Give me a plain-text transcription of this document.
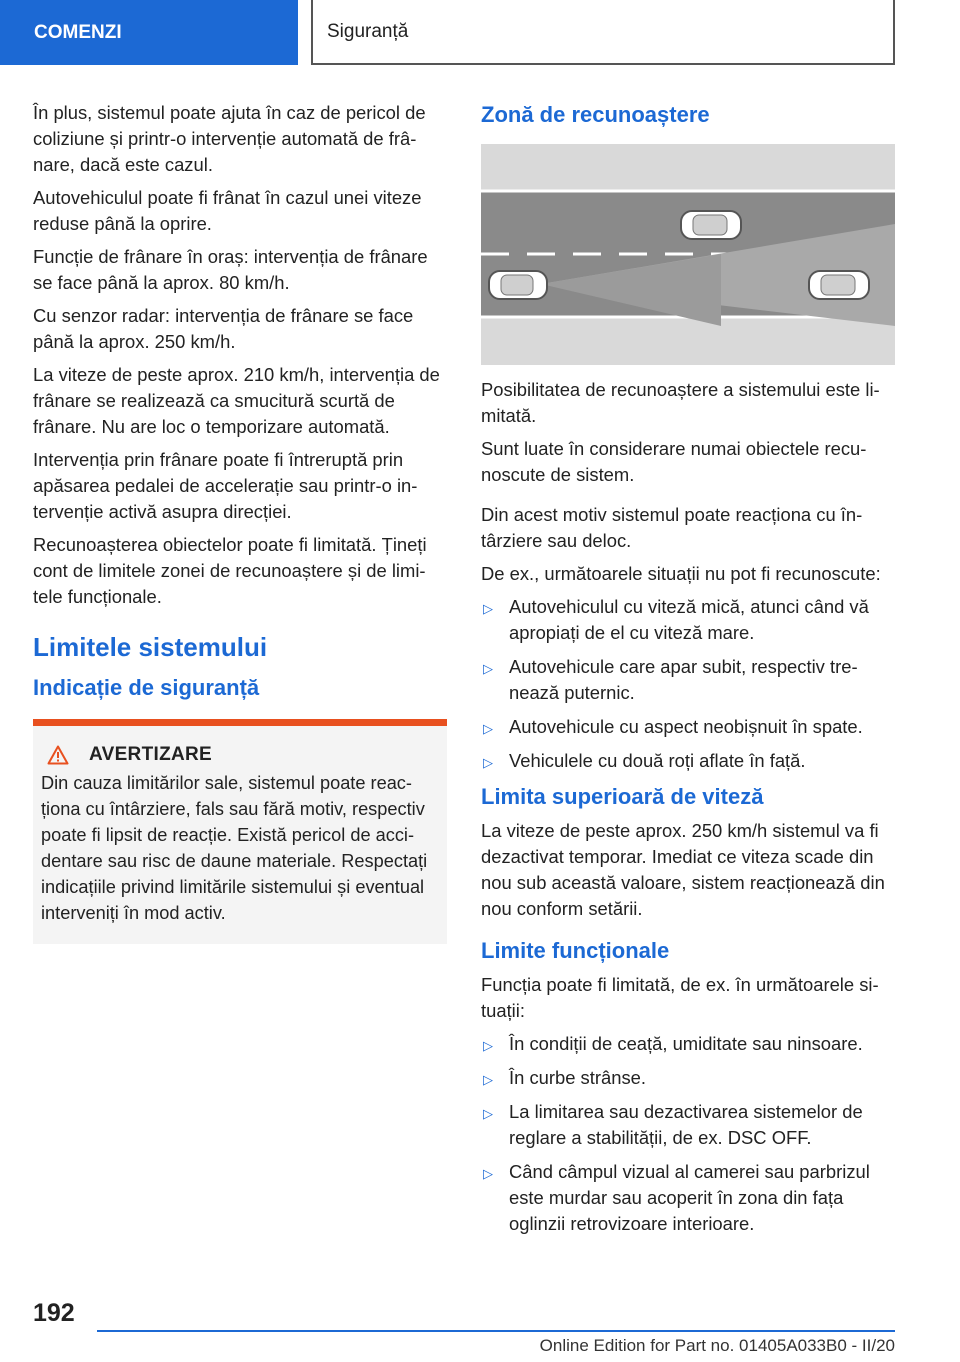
COMENZI	Siguranță

În plus, sistemul poate ajuta în caz de pericol de coliziune și printr-o intervenție automată de frâ-nare, dacă este cazul.

Autovehiculul poate fi frânat în cazul unei viteze reduse până la oprire.

Funcție de frânare în oraș: intervenția de frânare se face până la aprox. 80 km/h.

Cu senzor radar: intervenția de frânare se face până la aprox. 250 km/h.

La viteze de peste aprox. 210 km/h, intervenția de frânare se realizează ca smucitură scurtă de frânare. Nu are loc o temporizare automată.

Intervenția prin frânare poate fi întreruptă prin apăsarea pedalei de accelerație sau printr-o in-tervenție activă asupra direcției.

Recunoașterea obiectelor poate fi limitată. Țineți cont de limitele zonei de recunoaștere și de limi-tele funcționale.

Limitele sistemului
Indicație de siguranță
AVERTIZARE

Din cauza limitărilor sale, sistemul poate reac-ționa cu întârziere, fals sau fără motiv, respectiv poate fi lipsit de reacție. Există pericol de acci-dentare sau risc de daune materiale. Respectați indicațiile privind limitările sistemului și eventual interveniți în mod activ.

Zonă de recunoaștere

Posibilitatea de recunoaștere a sistemului este li-mitată.

Sunt luate în considerare numai obiectele recu-noscute de sistem.

Din acest motiv sistemul poate reacționa cu în-târziere sau deloc.

De ex., următoarele situații nu pot fi recunoscute:

▷ Autovehiculul cu viteză mică, atunci când vă apropiați de el cu viteză mare.
▷ Autovehicule care apar subit, respectiv tre-nează puternic.
▷ Autovehicule cu aspect neobișnuit în spate.
▷ Vehiculele cu două roți aflate în față.
Limita superioară de viteză

La viteze de peste aprox. 250 km/h sistemul va fi dezactivat temporar. Imediat ce viteza scade din nou sub această valoare, sistem reacționează din nou conform setării.

Limite funcționale

Funcția poate fi limitată, de ex. în următoarele si-tuații:

▷ În condiții de ceață, umiditate sau ninsoare.
▷ În curbe strânse.
▷ La limitarea sau dezactivarea sistemelor de reglare a stabilității, de ex. DSC OFF.
▷ Când câmpul vizual al camerei sau parbrizul este murdar sau acoperit în zona din fața oglinzii retrovizoare interioare.
192
Online Edition for Part no. 01405A033B0 - II/20
